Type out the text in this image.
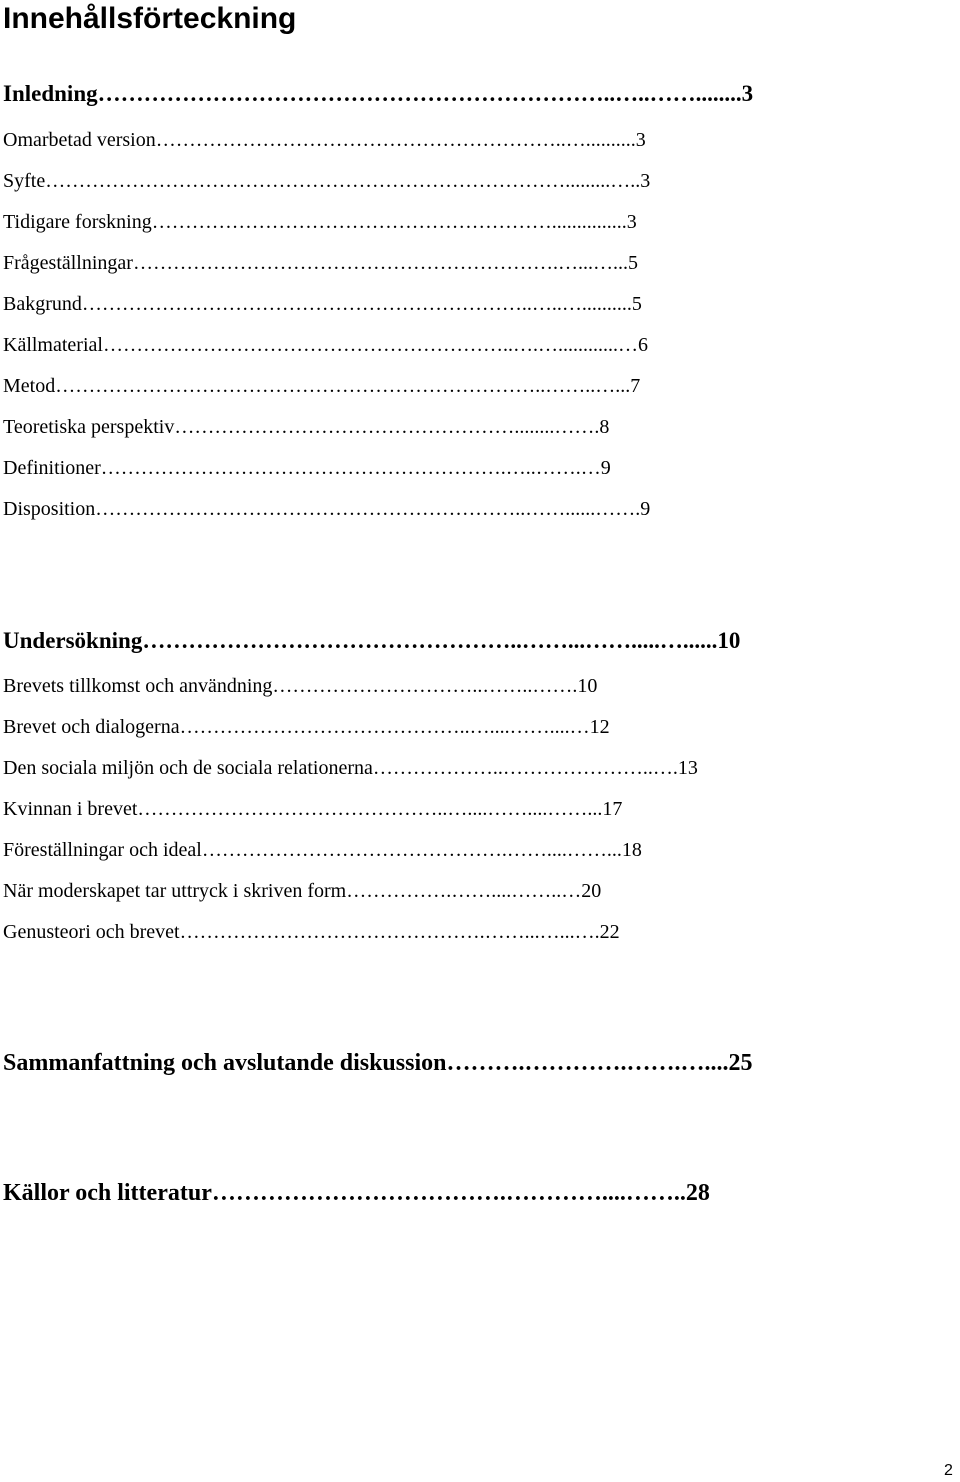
Innehållsförteckning

Inledning…………………………………………………………..…..……........3

Omarbetad version……………………………………………………..…..........3

Syfte…………………………………………………………………….........…..3

Tidigare forskning……………………………………………………...............3

Frågeställningar……………………………………………………….…...…...5

Bakgrund…………………………………………………………..…..…..........5

Källmaterial……………………………………………………..….…............…6

Metod………………………………………………………………..……..…...7

Teoretiska perspektiv……………………………………………........…….8

Definitioner…………………………………………………….…..…….…9

Disposition………………………………………………………..……......…….9

Undersökning…………………………………………..……...…….....…......10

Brevets tillkomst och användning…………………………..……..…….10

Brevet och dialogerna……………………………………..…....……....…12

Den sociala miljön och de sociala relationerna………………..…………………..….13

Kvinnan i brevet………………………………………..…....……....……...17

Föreställningar och ideal……………………………………….……....……...18

När moderskapet tar uttryck i skriven form…………….……....……..…20

Genusteori och brevet……………………………………….……...…...….22

Sammanfattning och avslutande diskussion……….………….…….…....25

Källor och litteratur……………………………….…………....……..28

2
